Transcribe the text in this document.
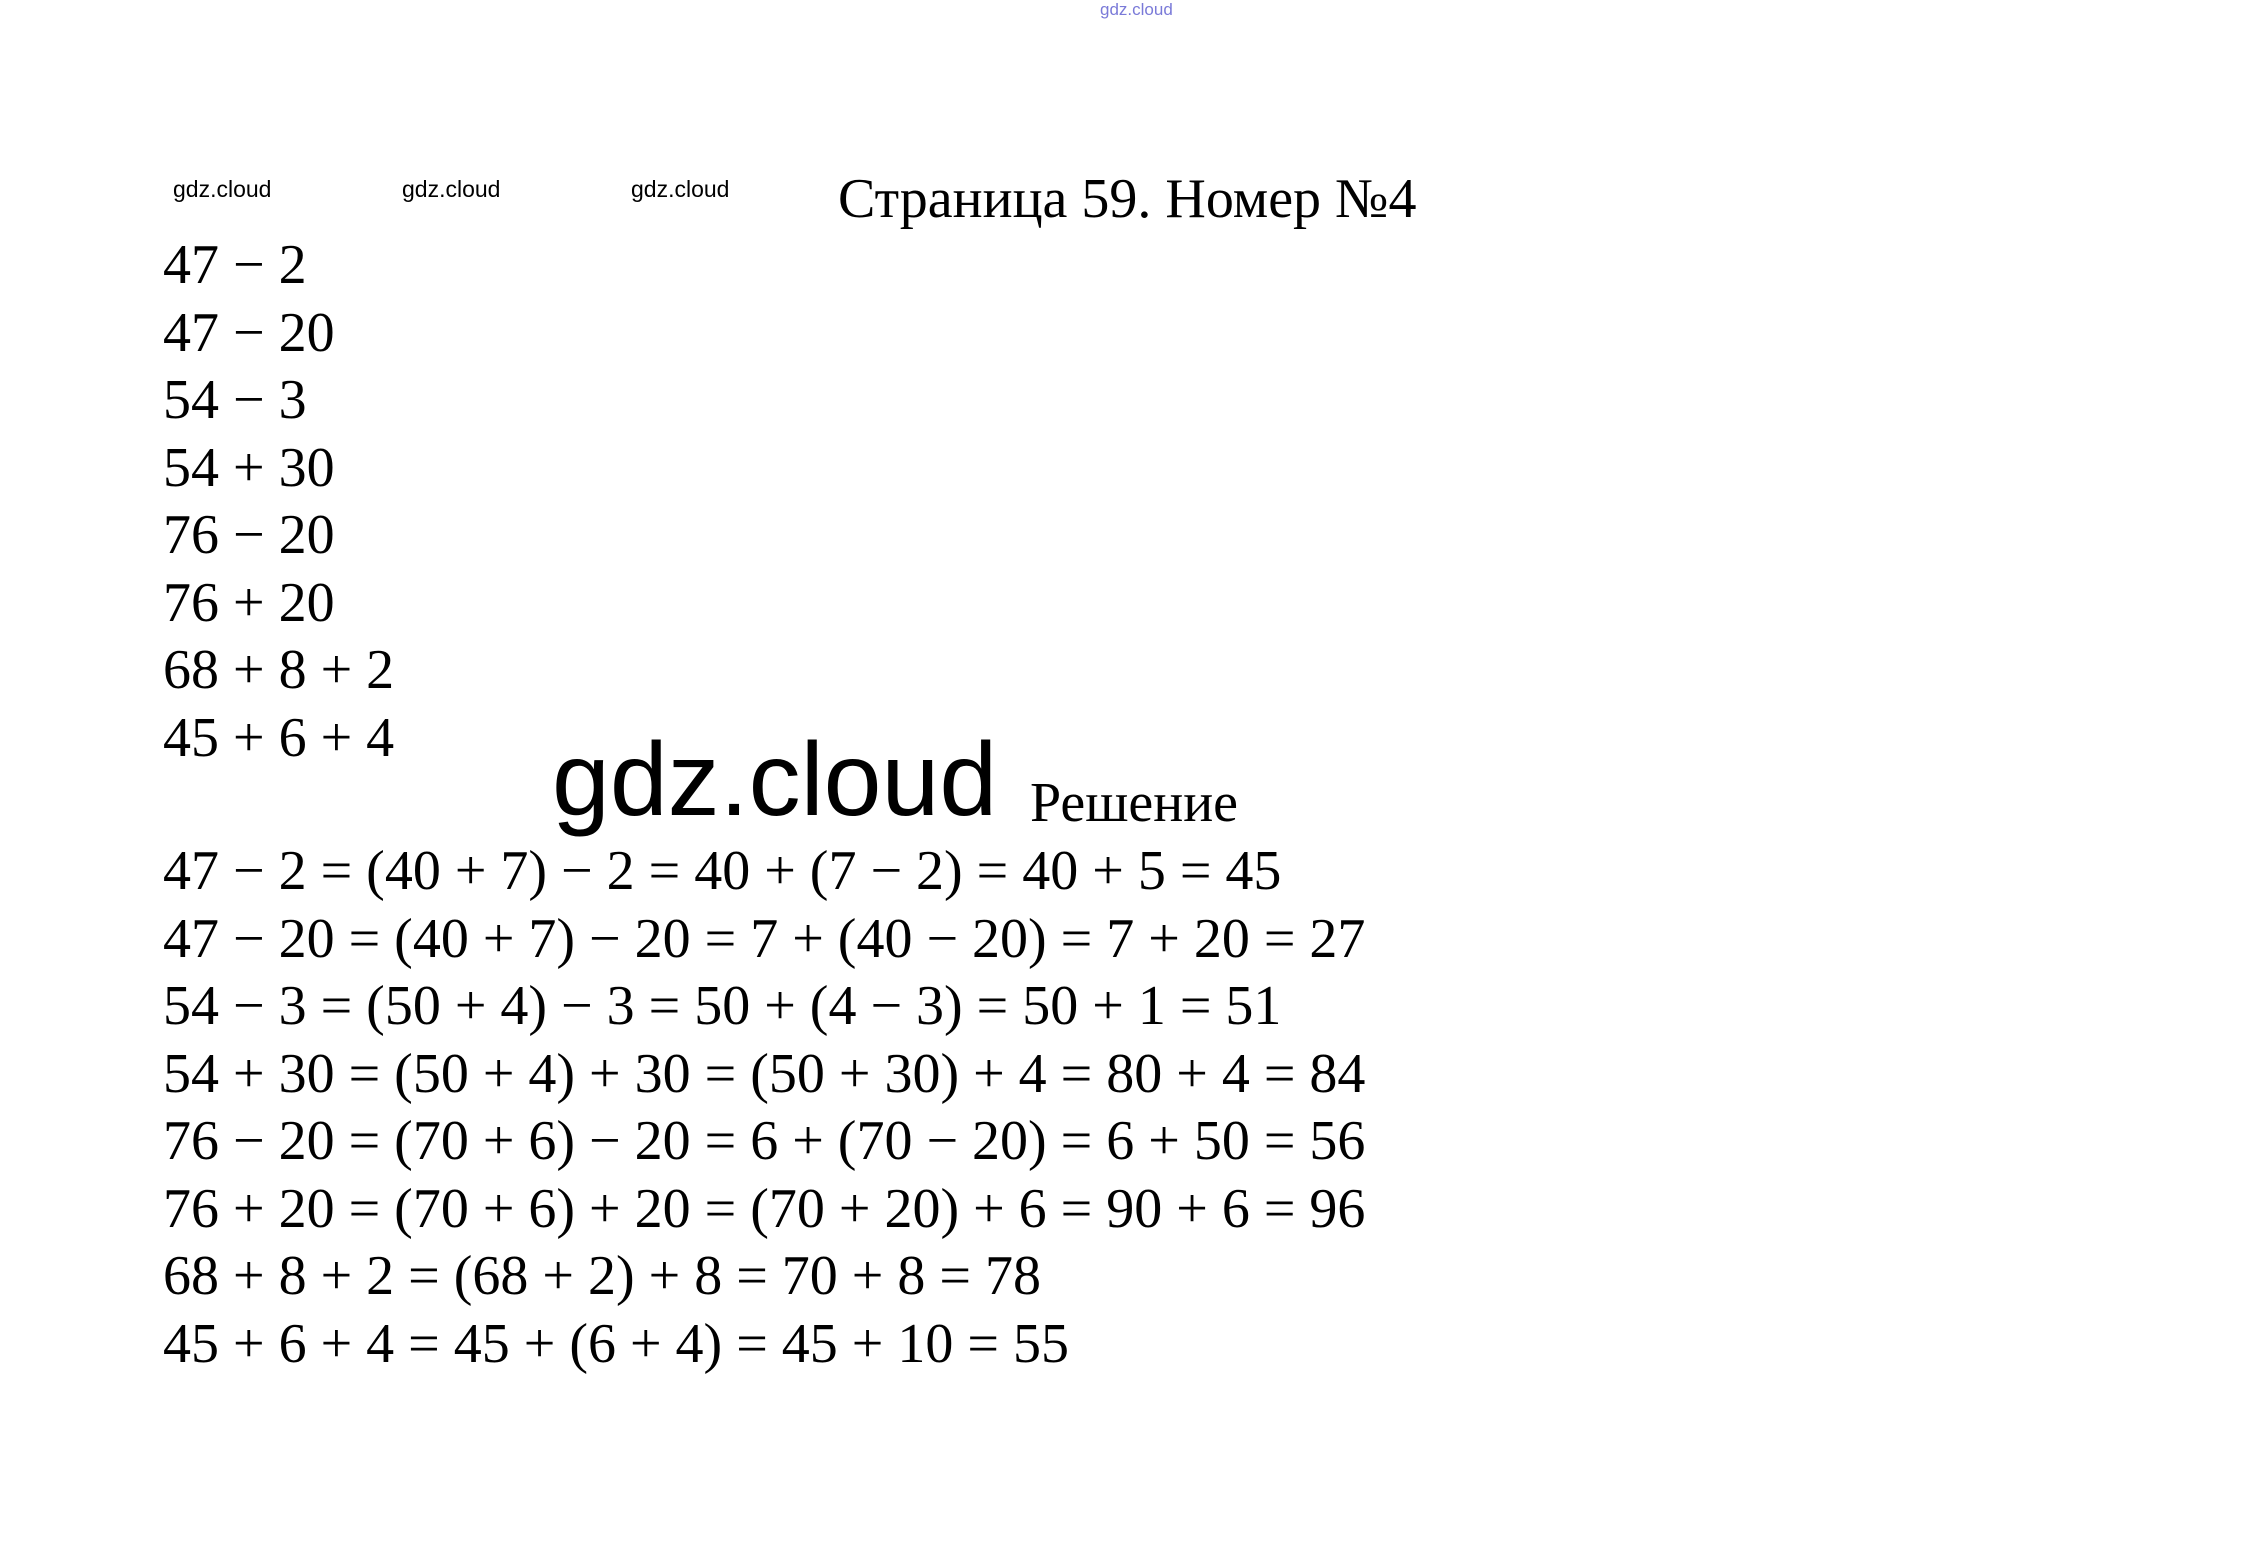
gdz.cloud
gdz.cloud	gdz.cloud	gdz.cloud Страница 59. Номер №4
47 − 2
47 − 20
54 − 3
54 + 30
76 − 20
76 + 20
68 + 8 + 2
45 + 6 + 4 gdz.cloud Решение
47 − 2 = (40 + 7) − 2 = 40 + (7 − 2) = 40 + 5 = 45
47 − 20 = (40 + 7) − 20 = 7 + (40 − 20) = 7 + 20 = 27
54 − 3 = (50 + 4) − 3 = 50 + (4 − 3) = 50 + 1 = 51
54 + 30 = (50 + 4) + 30 = (50 + 30) + 4 = 80 + 4 = 84
76 − 20 = (70 + 6) − 20 = 6 + (70 − 20) = 6 + 50 = 56
76 + 20 = (70 + 6) + 20 = (70 + 20) + 6 = 90 + 6 = 96
68 + 8 + 2 = (68 + 2) + 8 = 70 + 8 = 78
45 + 6 + 4 = 45 + (6 + 4) = 45 + 10 = 55
